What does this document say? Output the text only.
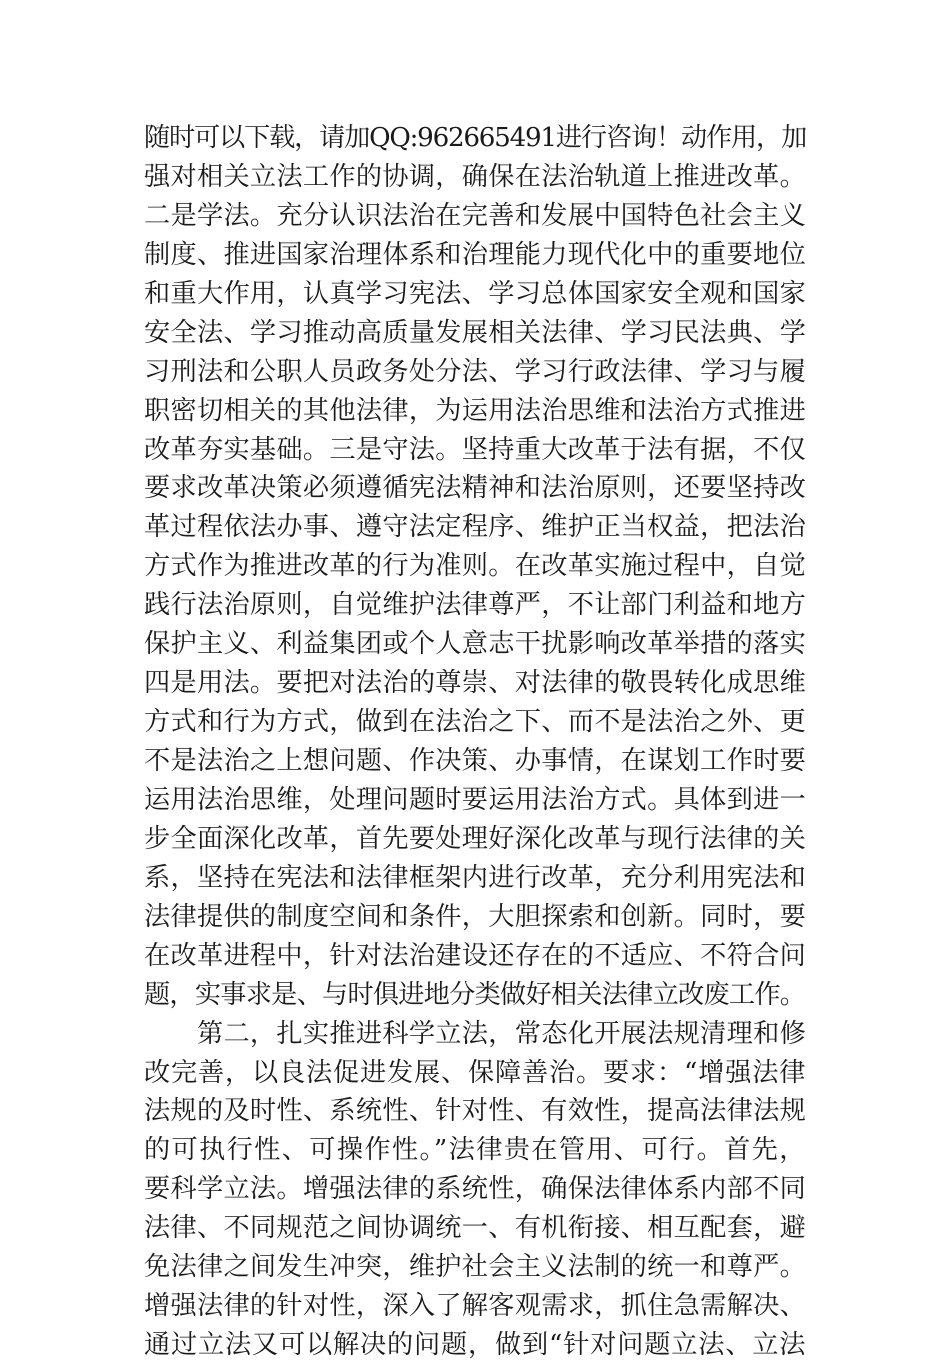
随时可以下载，请加QQ:962665491进行咨询！动作用，加
强对相关立法工作的协调，确保在法治轨道上推进改革。
二是学法。充分认识法治在完善和发展中国特色社会主义
制度、推进国家治理体系和治理能力现代化中的重要地位
和重大作用，认真学习宪法、学习总体国家安全观和国家
安全法、学习推动高质量发展相关法律、学习民法典、学
习刑法和公职人员政务处分法、学习行政法律、学习与履
职密切相关的其他法律，为运用法治思维和法治方式推进
改革夯实基础。三是守法。坚持重大改革于法有据，不仅
要求改革决策必须遵循宪法精神和法治原则，还要坚持改
革过程依法办事、遵守法定程序、维护正当权益，把法治
方式作为推进改革的行为准则。在改革实施过程中，自觉
践行法治原则，自觉维护法律尊严，不让部门利益和地方
保护主义、利益集团或个人意志干扰影响改革举措的落实
四是用法。要把对法治的尊崇、对法律的敬畏转化成思维
方式和行为方式，做到在法治之下、而不是法治之外、更
不是法治之上想问题、作决策、办事情，在谋划工作时要
运用法治思维，处理问题时要运用法治方式。具体到进一
步全面深化改革，首先要处理好深化改革与现行法律的关
系，坚持在宪法和法律框架内进行改革，充分利用宪法和
法律提供的制度空间和条件，大胆探索和创新。同时，要
在改革进程中，针对法治建设还存在的不适应、不符合问
题，实事求是、与时俱进地分类做好相关法律立改废工作。
　　第二，扎实推进科学立法，常态化开展法规清理和修
改完善，以良法促进发展、保障善治。要求：“增强法律
法规的及时性、系统性、针对性、有效性，提高法律法规
的可执行性、可操作性。”法律贵在管用、可行。首先，
要科学立法。增强法律的系统性，确保法律体系内部不同
法律、不同规范之间协调统一、有机衔接、相互配套，避
免法律之间发生冲突，维护社会主义法制的统一和尊严。
增强法律的针对性，深入了解客观需求，抓住急需解决、
通过立法又可以解决的问题，做到“针对问题立法、立法
